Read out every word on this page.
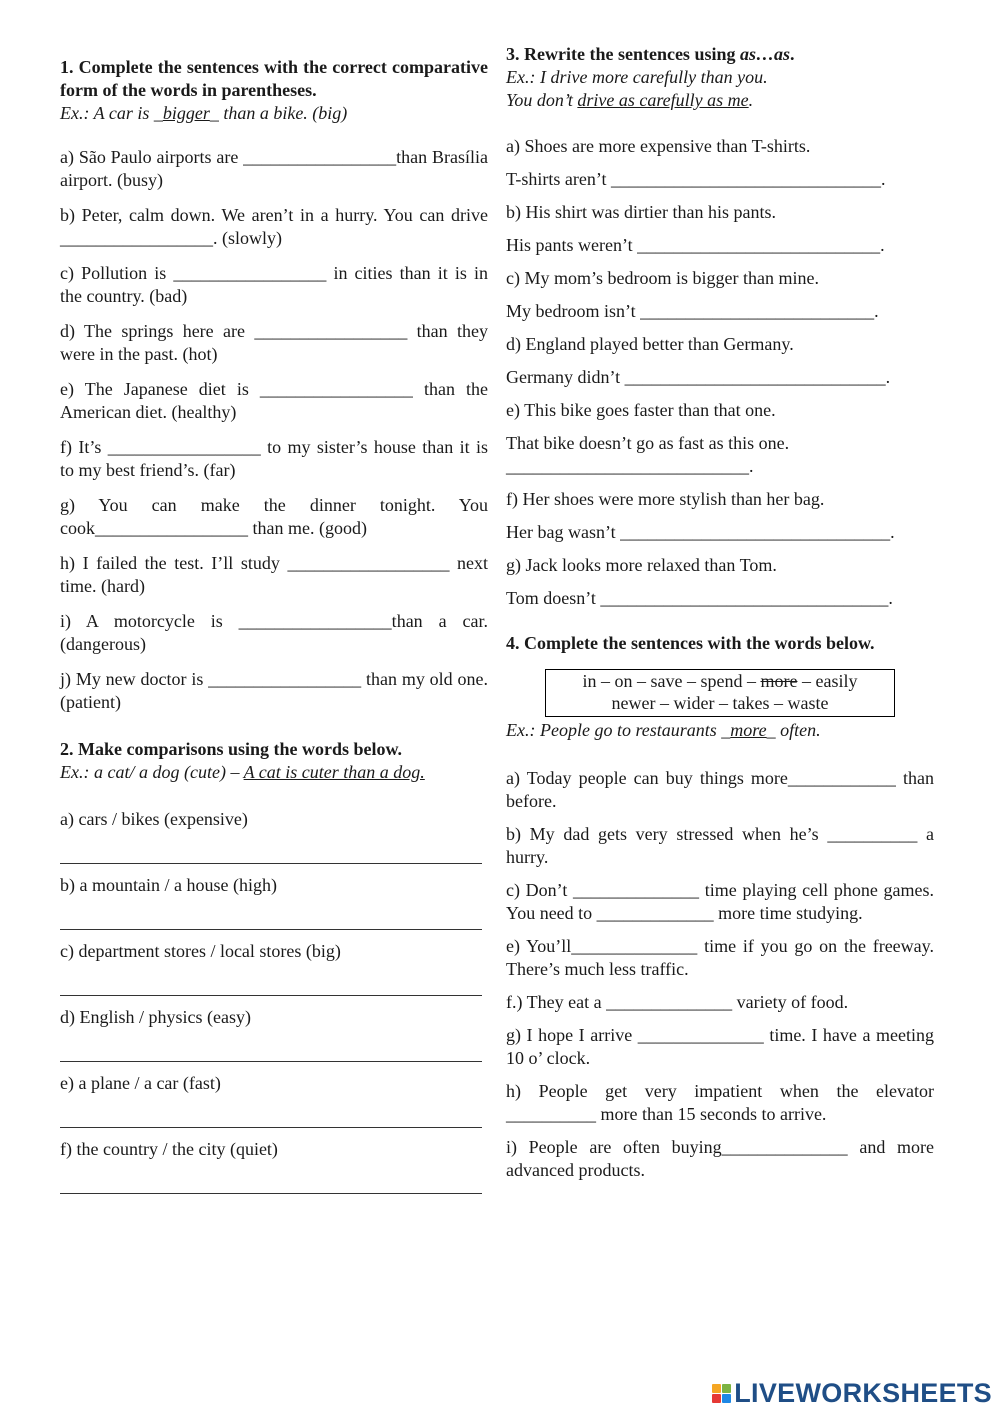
1. Complete the sentences with the correct comparative form of the words in parentheses.

Ex.: A car is _bigger_ than a bike. (big)

a) São Paulo airports are _________________than Brasília airport. (busy)

b) Peter, calm down. We aren’t in a hurry. You can drive _________________. (slowly)

c) Pollution is _________________ in cities than it is in the country. (bad)

d) The springs here are _________________ than they were in the past. (hot)

e) The Japanese diet is _________________ than the American diet. (healthy)

f) It’s _________________ to my sister’s house than it is to my best friend’s. (far)

g) You can make the dinner tonight. You cook_________________ than me. (good)

h) I failed the test. I’ll study __________________ next time. (hard)

i) A motorcycle is _________________than a car. (dangerous)

j) My new doctor is _________________ than my old one. (patient)

2. Make comparisons using the words below.

Ex.: a cat/ a dog (cute) – A cat is cuter than a dog.

a) cars / bikes (expensive)

b) a mountain / a house (high)

c) department stores / local stores (big)

d) English / physics (easy)

e) a plane / a car (fast)

f) the country / the city (quiet)

3. Rewrite the sentences using as…as.

Ex.: I drive more carefully than you.

You don’t drive as carefully as me.

a) Shoes are more expensive than T-shirts.

T-shirts aren’t ______________________________.

b) His shirt was dirtier than his pants.

His pants weren’t ___________________________.

c) My mom’s bedroom is bigger than mine.

My bedroom isn’t __________________________.

d) England played better than Germany.

Germany didn’t _____________________________.

e) This bike goes faster than that one.

That bike doesn’t go as fast as this one.

___________________________.

f) Her shoes were more stylish than her bag.

Her bag wasn’t ______________________________.

g) Jack looks more relaxed than Tom.

Tom doesn’t ________________________________.

4. Complete the sentences with the words below.

in – on – save – spend – more – easily
newer – wider – takes – waste

Ex.: People go to restaurants _more_ often.

a) Today people can buy things more____________ than before.

b) My dad gets very stressed when he’s __________ a hurry.

c) Don’t ______________ time playing cell phone games. You need to _____________ more time studying.

e) You’ll______________ time if you go on the freeway. There’s much less traffic.

f.) They eat a ______________ variety of food.

g) I hope I arrive ______________ time. I have a meeting 10 o’ clock.

h) People get very impatient when the elevator __________ more than 15 seconds to arrive.

i) People are often buying______________ and more advanced products.

LIVEWORKSHEETS
